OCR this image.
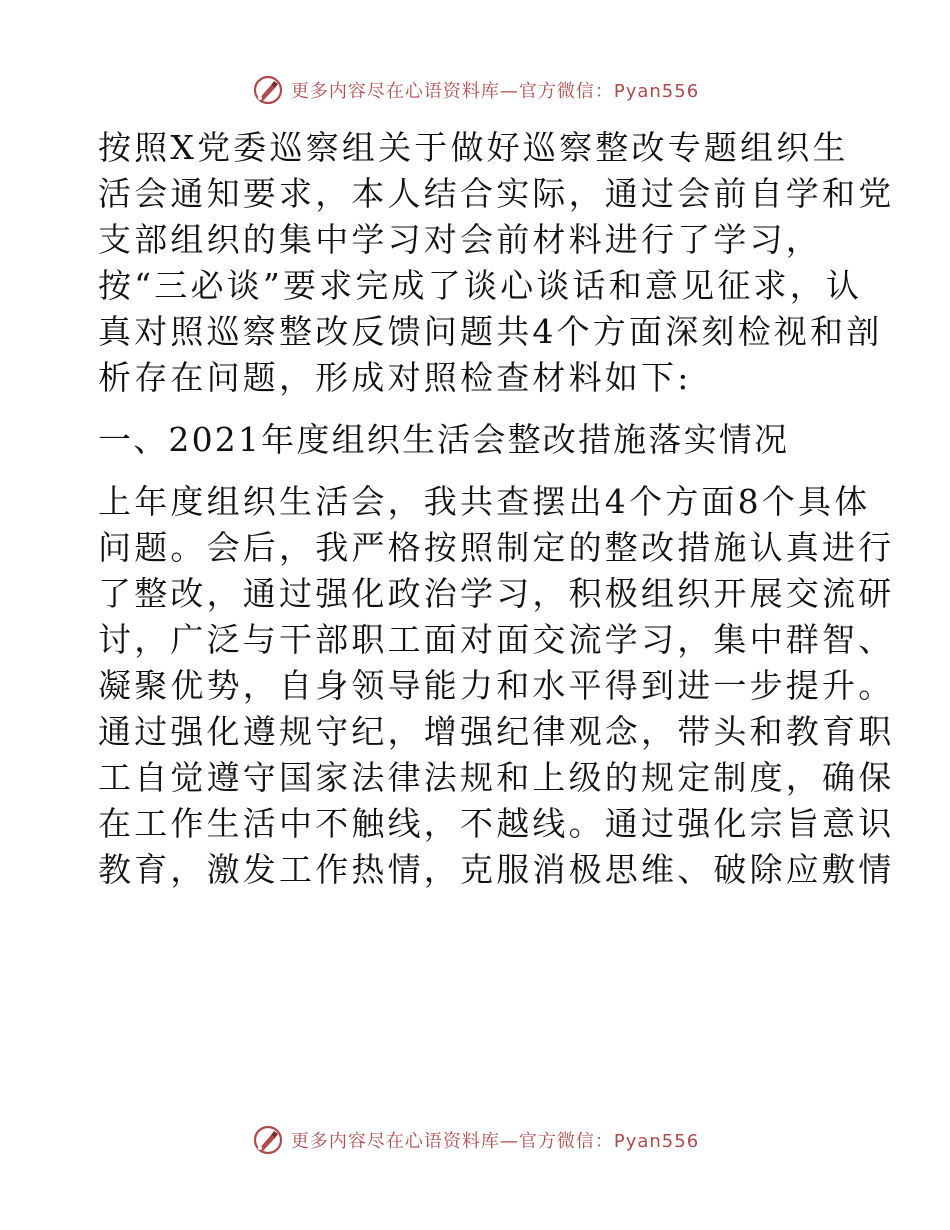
更多内容尽在心语资料库—官方微信：Pyan556
按照X党委巡察组关于做好巡察整改专题组织生
活会通知要求，本人结合实际，通过会前自学和党
支部组织的集中学习对会前材料进行了学习，
按“三必谈”要求完成了谈心谈话和意见征求，认
真对照巡察整改反馈问题共4个方面深刻检视和剖
析存在问题，形成对照检查材料如下:
一、2021年度组织生活会整改措施落实情况
上年度组织生活会，我共查摆出4个方面8个具体
问题。会后，我严格按照制定的整改措施认真进行
了整改，通过强化政治学习，积极组织开展交流研
讨，广泛与干部职工面对面交流学习，集中群智、
凝聚优势，自身领导能力和水平得到进一步提升。
通过强化遵规守纪，增强纪律观念，带头和教育职
工自觉遵守国家法律法规和上级的规定制度，确保
在工作生活中不触线，不越线。通过强化宗旨意识
教育，激发工作热情，克服消极思维、破除应敷情
更多内容尽在心语资料库—官方微信：Pyan556
